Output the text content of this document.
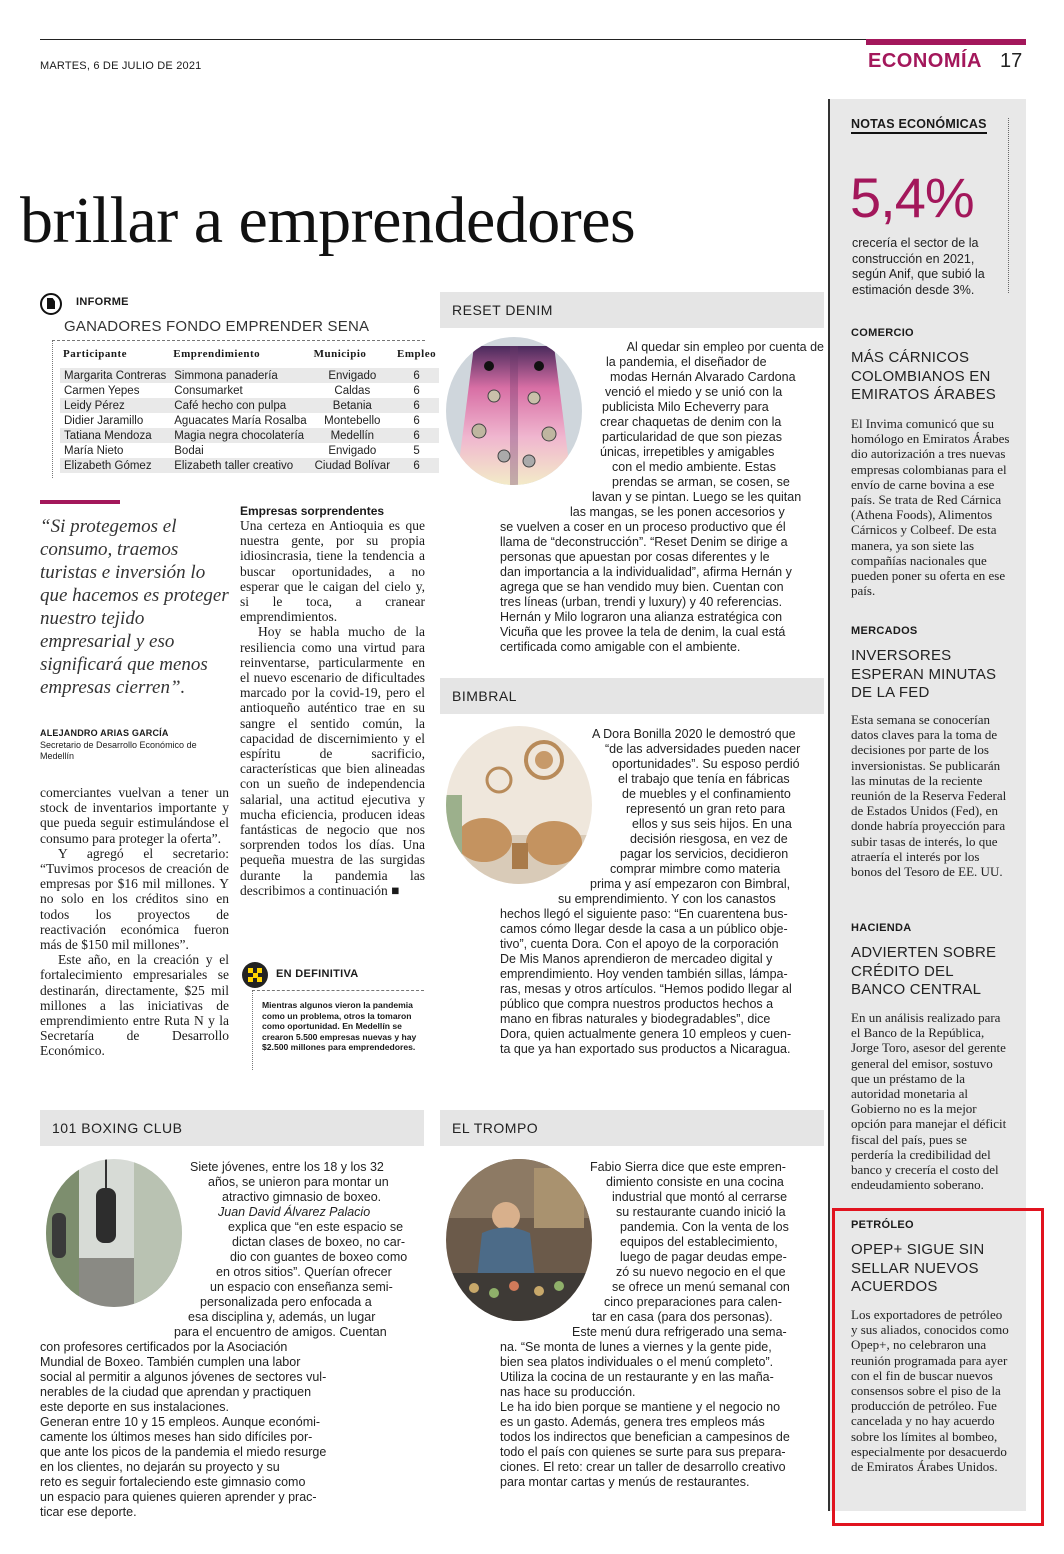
MARTES, 6 DE JULIO DE 2021	ECONOMÍA 17
brillar a emprendedores
INFORME
GANADORES FONDO EMPRENDER SENA
Participante	Emprendimiento	Municipio	Empleo
Margarita Contreras	Simmona panadería	Envigado	6
Carmen Yepes	Consumarket	Caldas	6
Leidy Pérez	Café hecho con pulpa	Betania	6
Didier Jaramillo	Aguacates María Rosalba	Montebello	6
Tatiana Mendoza	Magia negra chocolatería	Medellín	6
María Nieto	Bodai	Envigado	5
Elizabeth Gómez	Elizabeth taller creativo	Ciudad Bolívar	6
“Si protegemos el consumo, traemos turistas e inversión lo que hacemos es proteger nuestro tejido empresarial y eso significará que menos empresas cierren”.
ALEJANDRO ARIAS GARCÍA
Secretario de Desarrollo Económico de Medellín

comerciantes vuelvan a tener un stock de inventarios importante y que pueda seguir estimulándose el consumo para proteger la oferta”.

Y agregó el secretario: “Tuvimos procesos de creación de empresas por $16 mil millones. Y no solo en los créditos sino en todos los proyectos de reactivación económica fueron más de $150 mil millones”.

Este año, en la creación y el fortalecimiento empresariales se destinarán, directamente, $25 mil millones a las iniciativas de emprendimiento entre Ruta N y la Secretaría de Desarrollo Económico.

Empresas sorprendentes

Una certeza en Antioquia es que nuestra gente, por su propia idiosincrasia, tiene la tendencia a buscar oportunidades, a no esperar que le caigan del cielo y, si le toca, a cranear emprendimientos.

Hoy se habla mucho de la resiliencia como una virtud para reinventarse, particularmente en el nuevo escenario de dificultades marcado por la covid-19, pero el antioqueño auténtico trae en su sangre el sentido común, la capacidad de discernimiento y el espíritu de sacrificio, características que bien alineadas con un sueño de independencia salarial, una actitud ejecutiva y mucha eficiencia, producen ideas fantásticas de negocio que nos sorprenden todos los días. Una pequeña muestra de las surgidas durante la pandemia las describimos a continuación ■

EN DEFINITIVA
Mientras algunos vieron la pandemia como un problema, otros la tomaron como oportunidad. En Medellín se crearon 5.500 empresas nuevas y hay $2.500 millones para emprendedores.
RESET DENIM
Al quedar sin empleo por cuenta de
la pandemia, el diseñador de
modas Hernán Alvarado Cardona
venció el miedo y se unió con la
publicista Milo Echeverry para
crear chaquetas de denim con la
particularidad de que son piezas
únicas, irrepetibles y amigables
con el medio ambiente. Estas
prendas se arman, se cosen, se
lavan y se pintan. Luego se les quitan
las mangas, se les ponen accesorios y
se vuelven a coser en un proceso productivo que él
llama de “deconstrucción”. “Reset Denim se dirige a
personas que apuestan por cosas diferentes y le
dan importancia a la individualidad”, afirma Hernán y
agrega que se han vendido muy bien. Cuentan con
tres líneas (urban, trendi y luxury) y 40 referencias.
Hernán y Milo lograron una alianza estratégica con
Vicuña que les provee la tela de denim, la cual está
certificada como amigable con el ambiente.
BIMBRAL
A Dora Bonilla 2020 le demostró que
“de las adversidades pueden nacer
oportunidades”. Su esposo perdió
el trabajo que tenía en fábricas
de muebles y el confinamiento
representó un gran reto para
ellos y sus seis hijos. En una
decisión riesgosa, en vez de
pagar los servicios, decidieron
comprar mimbre como materia
prima y así empezaron con Bimbral,
su emprendimiento. Y con los canastos
hechos llegó el siguiente paso: “En cuarentena bus-
camos cómo llegar desde la casa a un público obje-
tivo”, cuenta Dora. Con el apoyo de la corporación
De Mis Manos aprendieron de mercadeo digital y
emprendimiento. Hoy venden también sillas, lámpa-
ras, mesas y otros artículos. “Hemos podido llegar al
público que compra nuestros productos hechos a
mano en fibras naturales y biodegradables”, dice
Dora, quien actualmente genera 10 empleos y cuen-
ta que ya han exportado sus productos a Nicaragua.
101 BOXING CLUB
Siete jóvenes, entre los 18 y los 32
años, se unieron para montar un
atractivo gimnasio de boxeo.
Juan David Álvarez Palacio
explica que “en este espacio se
dictan clases de boxeo, no car-
dio con guantes de boxeo como
en otros sitios”. Querían ofrecer
un espacio con enseñanza semi-
personalizada pero enfocada a
esa disciplina y, además, un lugar
para el encuentro de amigos. Cuentan
con profesores certificados por la Asociación
Mundial de Boxeo. También cumplen una labor
social al permitir a algunos jóvenes de sectores vul-
nerables de la ciudad que aprendan y practiquen
este deporte en sus instalaciones.
Generan entre 10 y 15 empleos. Aunque económi-
camente los últimos meses han sido difíciles por-
que ante los picos de la pandemia el miedo resurge
en los clientes, no dejarán su proyecto y su
reto es seguir fortaleciendo este gimnasio como
un espacio para quienes quieren aprender y prac-
ticar ese deporte.
EL TROMPO
Fabio Sierra dice que este empren-
dimiento consiste en una cocina
industrial que montó al cerrarse
su restaurante cuando inició la
pandemia. Con la venta de los
equipos del establecimiento,
luego de pagar deudas empe-
zó su nuevo negocio en el que
se ofrece un menú semanal con
cinco preparaciones para calen-
tar en casa (para dos personas).
Este menú dura refrigerado una sema-
na. “Se monta de lunes a viernes y la gente pide,
bien sea platos individuales o el menú completo”.
Utiliza la cocina de un restaurante y en las maña-
nas hace su producción.
Le ha ido bien porque se mantiene y el negocio no
es un gasto. Además, genera tres empleos más
todos los indirectos que benefician a campesinos de
todo el país con quienes se surte para sus prepara-
ciones. El reto: crear un taller de desarrollo creativo
para montar cartas y menús de restaurantes.
NOTAS ECONÓMICAS
5,4%
crecería el sector de la construcción en 2021, según Anif, que subió la estimación desde 3%.
COMERCIO
MÁS CÁRNICOS COLOMBIANOS EN EMIRATOS ÁRABES
El Invima comunicó que su homólogo en Emiratos Árabes dio autorización a tres nuevas empresas colombianas para el envío de carne bovina a ese país. Se trata de Red Cárnica (Athena Foods), Alimentos Cárnicos y Colbeef. De esta manera, ya son siete las compañías nacionales que pueden poner su oferta en ese país.
MERCADOS
INVERSORES ESPERAN MINUTAS DE LA FED
Esta semana se conocerían datos claves para la toma de decisiones por parte de los inversionistas. Se publicarán las minutas de la reciente reunión de la Reserva Federal de Estados Unidos (Fed), en donde habría proyección para subir tasas de interés, lo que atraería el interés por los bonos del Tesoro de EE. UU.
HACIENDA
ADVIERTEN SOBRE CRÉDITO DEL BANCO CENTRAL
En un análisis realizado para el Banco de la República, Jorge Toro, asesor del gerente general del emisor, sostuvo que un préstamo de la autoridad monetaria al Gobierno no es la mejor opción para manejar el déficit fiscal del país, pues se perdería la credibilidad del banco y crecería el costo del endeudamiento soberano.
PETRÓLEO
OPEP+ SIGUE SIN SELLAR NUEVOS ACUERDOS
Los exportadores de petróleo y sus aliados, conocidos como Opep+, no celebraron una reunión programada para ayer con el fin de buscar nuevos consensos sobre el piso de la producción de petróleo. Fue cancelada y no hay acuerdo sobre los límites al bombeo, especialmente por desacuerdo de Emiratos Árabes Unidos.
